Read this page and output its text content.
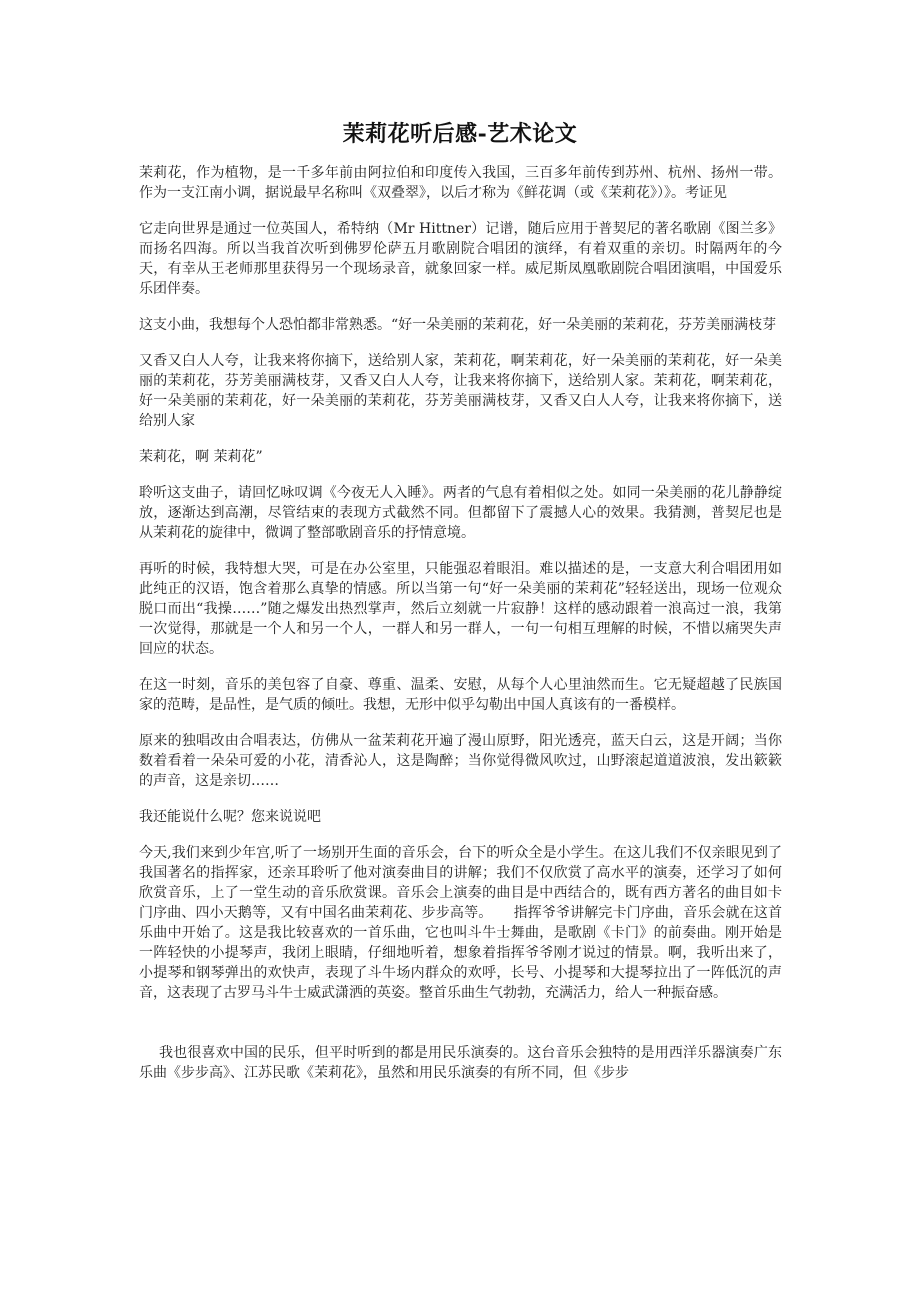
茉莉花听后感-艺术论文

茉莉花，作为植物，是一千多年前由阿拉伯和印度传入我国，三百多年前传到苏州、杭州、扬州一带。作为一支江南小调，据说最早名称叫《双叠翠》，以后才称为《鲜花调（或《茉莉花》）》。考证见

它走向世界是通过一位英国人，希特纳（Mr Hittner）记谱，随后应用于普契尼的著名歌剧《图兰多》而扬名四海。所以当我首次听到佛罗伦萨五月歌剧院合唱团的演绎，有着双重的亲切。时隔两年的今天，有幸从王老师那里获得另一个现场录音，就象回家一样。威尼斯凤凰歌剧院合唱团演唱，中国爱乐乐团伴奏。

这支小曲，我想每个人恐怕都非常熟悉。“好一朵美丽的茉莉花，好一朵美丽的茉莉花，芬芳美丽满枝芽

又香又白人人夸，让我来将你摘下，送给别人家，茉莉花，啊茉莉花，好一朵美丽的茉莉花，好一朵美丽的茉莉花，芬芳美丽满枝芽，又香又白人人夸，让我来将你摘下，送给别人家。茉莉花，啊茉莉花，好一朵美丽的茉莉花，好一朵美丽的茉莉花，芬芳美丽满枝芽，又香又白人人夸，让我来将你摘下，送给别人家

茉莉花，啊 茉莉花”

聆听这支曲子，请回忆咏叹调《今夜无人入睡》。两者的气息有着相似之处。如同一朵美丽的花儿静静绽放，逐渐达到高潮，尽管结束的表现方式截然不同。但都留下了震撼人心的效果。我猜测，普契尼也是从茉莉花的旋律中，微调了整部歌剧音乐的抒情意境。

再听的时候，我特想大哭，可是在办公室里，只能强忍着眼泪。难以描述的是，一支意大利合唱团用如此纯正的汉语，饱含着那么真挚的情感。所以当第一句“好一朵美丽的茉莉花”轻轻送出，现场一位观众脱口而出“我操……”随之爆发出热烈掌声，然后立刻就一片寂静！这样的感动跟着一浪高过一浪，我第一次觉得，那就是一个人和另一个人，一群人和另一群人，一句一句相互理解的时候，不惜以痛哭失声回应的状态。

在这一时刻，音乐的美包容了自豪、尊重、温柔、安慰，从每个人心里油然而生。它无疑超越了民族国家的范畴，是品性，是气质的倾吐。我想，无形中似乎勾勒出中国人真该有的一番模样。

原来的独唱改由合唱表达，仿佛从一盆茉莉花开遍了漫山原野，阳光透亮，蓝天白云，这是开阔；当你数着看着一朵朵可爱的小花，清香沁人，这是陶醉；当你觉得微风吹过，山野滚起道道波浪，发出簌簌的声音，这是亲切……

我还能说什么呢？您来说说吧

今天,我们来到少年宫,听了一场别开生面的音乐会，台下的听众全是小学生。在这儿我们不仅亲眼见到了我国著名的指挥家，还亲耳聆听了他对演奏曲目的讲解；我们不仅欣赏了高水平的演奏，还学习了如何欣赏音乐，上了一堂生动的音乐欣赏课。音乐会上演奏的曲目是中西结合的，既有西方著名的曲目如卡门序曲、四小天鹅等，又有中国名曲茉莉花、步步高等。　　指挥爷爷讲解完卡门序曲，音乐会就在这首乐曲中开始了。这是我比较喜欢的一首乐曲，它也叫斗牛士舞曲，是歌剧《卡门》的前奏曲。刚开始是一阵轻快的小提琴声，我闭上眼睛，仔细地听着，想象着指挥爷爷刚才说过的情景。啊，我听出来了，小提琴和钢琴弹出的欢快声，表现了斗牛场内群众的欢呼，长号、小提琴和大提琴拉出了一阵低沉的声音，这表现了古罗马斗牛士威武潇洒的英姿。整首乐曲生气勃勃，充满活力，给人一种振奋感。

我也很喜欢中国的民乐，但平时听到的都是用民乐演奏的。这台音乐会独特的是用西洋乐器演奏广东乐曲《步步高》、江苏民歌《茉莉花》，虽然和用民乐演奏的有所不同，但《步步
